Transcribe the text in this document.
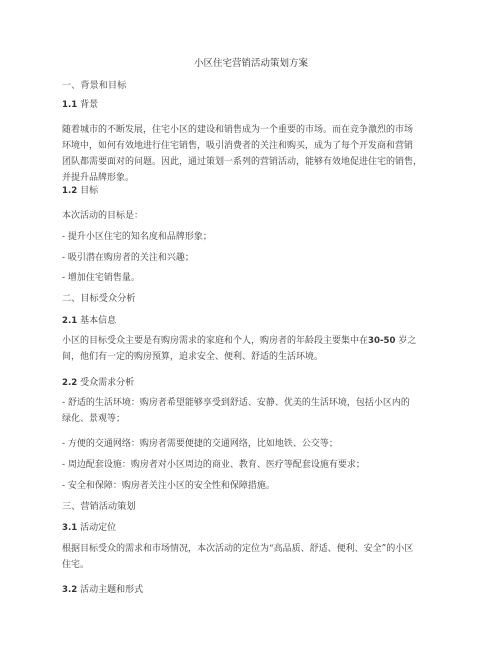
小区住宅营销活动策划方案
一、背景和目标
1.1 背景
随着城市的不断发展，住宅小区的建设和销售成为一个重要的市场。而在竞争激烈的市场
环境中，如何有效地进行住宅销售，吸引消费者的关注和购买，成为了每个开发商和营销
团队都需要面对的问题。因此，通过策划一系列的营销活动，能够有效地促进住宅的销售，
并提升品牌形象。
1.2 目标
本次活动的目标是：
- 提升小区住宅的知名度和品牌形象；
- 吸引潜在购房者的关注和兴趣；
- 增加住宅销售量。
二、目标受众分析
2.1 基本信息
小区的目标受众主要是有购房需求的家庭和个人，购房者的年龄段主要集中在30-50 岁之
间，他们有一定的购房预算，追求安全、便利、舒适的生活环境。
2.2 受众需求分析
- 舒适的生活环境：购房者希望能够享受到舒适、安静、优美的生活环境，包括小区内的
绿化、景观等；
- 方便的交通网络：购房者需要便捷的交通网络，比如地铁、公交等；
- 周边配套设施：购房者对小区周边的商业、教育、医疗等配套设施有要求；
- 安全和保障：购房者关注小区的安全性和保障措施。
三、营销活动策划
3.1 活动定位
根据目标受众的需求和市场情况，本次活动的定位为“高品质、舒适、便利、安全”的小区
住宅。
3.2 活动主题和形式
